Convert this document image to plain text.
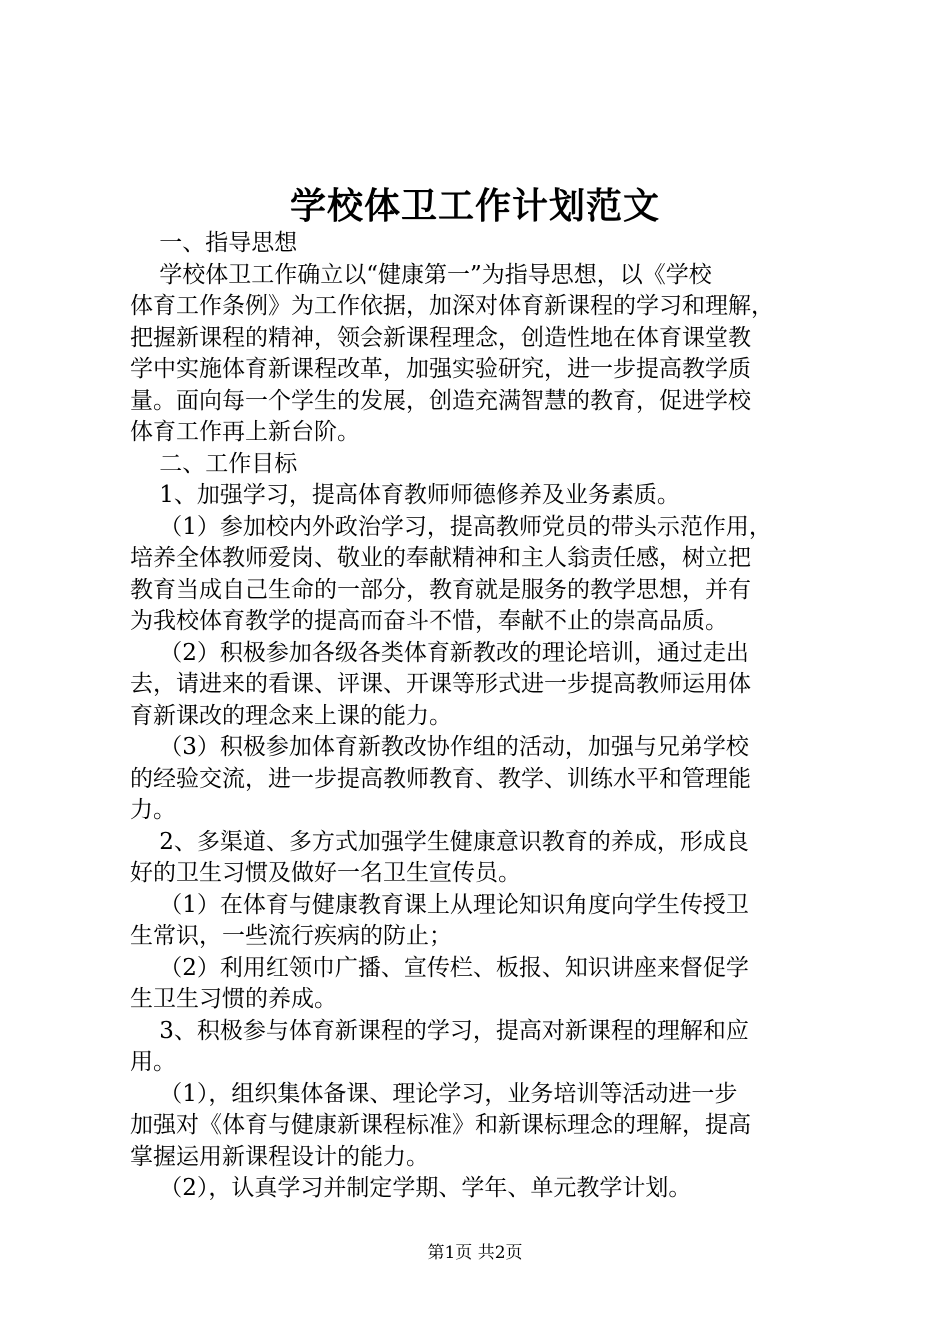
学校体卫工作计划范文
一、指导思想
学校体卫工作确立以“健康第一”为指导思想，以《学校
体育工作条例》为工作依据，加深对体育新课程的学习和理解，
把握新课程的精神，领会新课程理念，创造性地在体育课堂教
学中实施体育新课程改革，加强实验研究，进一步提高教学质
量。面向每一个学生的发展，创造充满智慧的教育，促进学校
体育工作再上新台阶。
二、工作目标
1、加强学习，提高体育教师师德修养及业务素质。
（1）参加校内外政治学习，提高教师党员的带头示范作用，
培养全体教师爱岗、敬业的奉献精神和主人翁责任感，树立把
教育当成自己生命的一部分，教育就是服务的教学思想，并有
为我校体育教学的提高而奋斗不惜，奉献不止的崇高品质。
（2）积极参加各级各类体育新教改的理论培训，通过走出
去，请进来的看课、评课、开课等形式进一步提高教师运用体
育新课改的理念来上课的能力。
（3）积极参加体育新教改协作组的活动，加强与兄弟学校
的经验交流，进一步提高教师教育、教学、训练水平和管理能
力。
2、多渠道、多方式加强学生健康意识教育的养成，形成良
好的卫生习惯及做好一名卫生宣传员。
（1）在体育与健康教育课上从理论知识角度向学生传授卫
生常识，一些流行疾病的防止；
（2）利用红领巾广播、宣传栏、板报、知识讲座来督促学
生卫生习惯的养成。
3、积极参与体育新课程的学习，提高对新课程的理解和应
用。
（1），组织集体备课、理论学习，业务培训等活动进一步
加强对《体育与健康新课程标准》和新课标理念的理解，提高
掌握运用新课程设计的能力。
（2），认真学习并制定学期、学年、单元教学计划。
第1页 共2页
